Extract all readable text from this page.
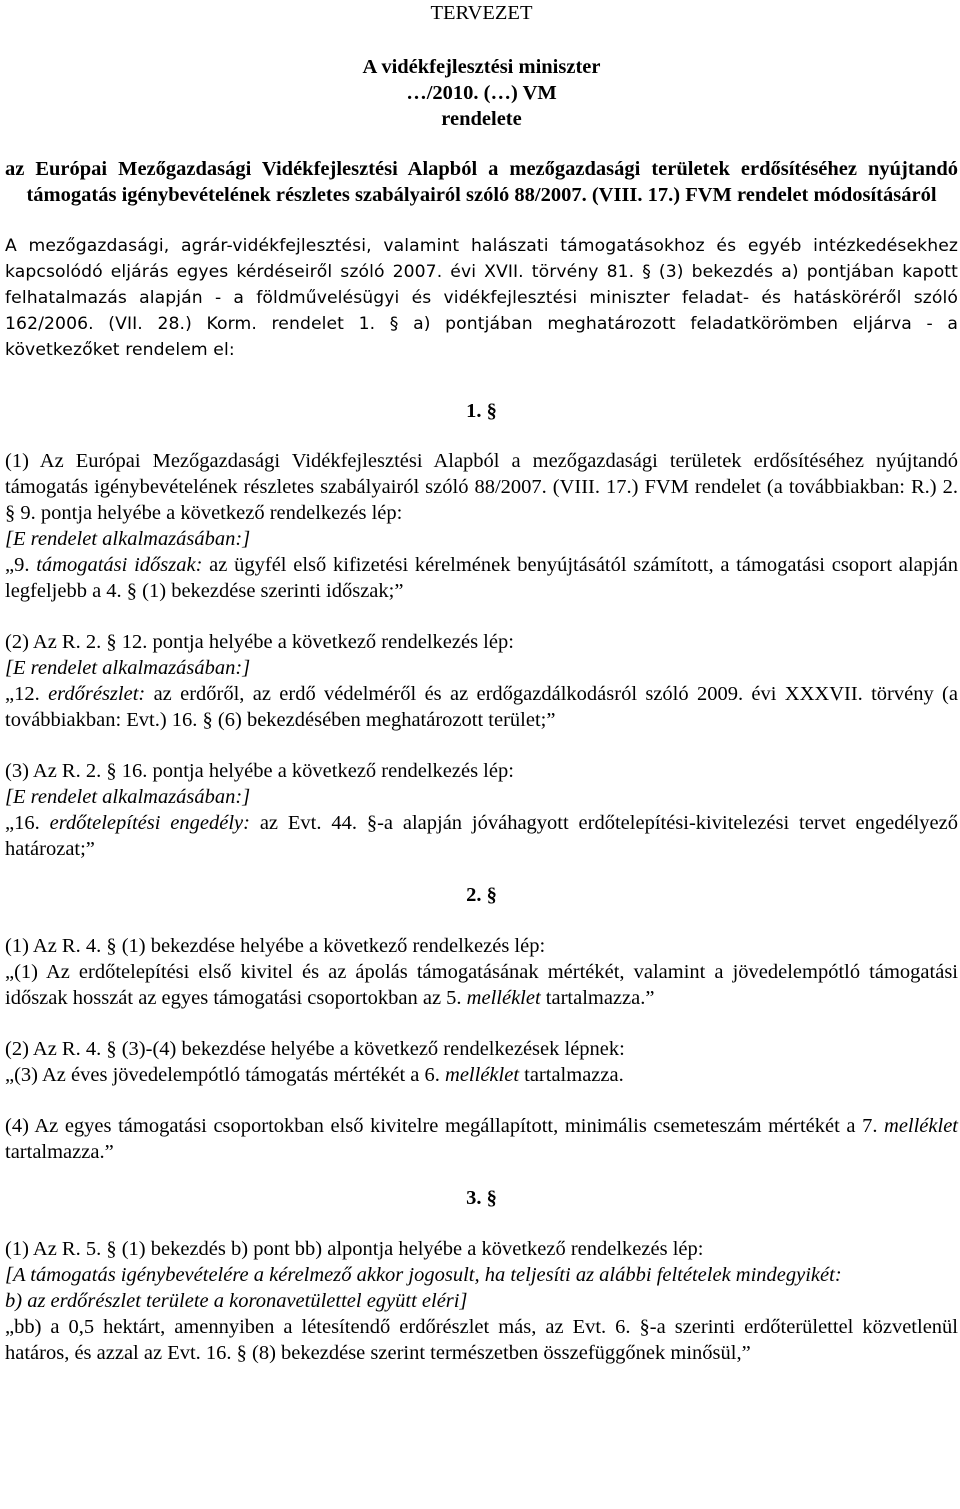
TERVEZET
A vidékfejlesztési miniszter
…/2010. (…) VM
rendelete
az Európai Mezőgazdasági Vidékfejlesztési Alapból a mezőgazdasági területek erdősítéséhez nyújtandó támogatás igénybevételének részletes szabályairól szóló 88/2007. (VIII. 17.) FVM rendelet módosításáról

A mezőgazdasági, agrár-vidékfejlesztési, valamint halászati támogatásokhoz és egyéb intézkedésekhez kapcsolódó eljárás egyes kérdéseiről szóló 2007. évi XVII. törvény 81. § (3) bekezdés a) pontjában kapott felhatalmazás alapján - a földművelésügyi és vidékfejlesztési miniszter feladat- és hatásköréről szóló 162/2006. (VII. 28.) Korm. rendelet 1. § a) pontjában meghatározott feladatkörömben eljárva - a következőket rendelem el:

1. §

(1) Az Európai Mezőgazdasági Vidékfejlesztési Alapból a mezőgazdasági területek erdősítéséhez nyújtandó támogatás igénybevételének részletes szabályairól szóló 88/2007. (VIII. 17.) FVM rendelet (a továbbiakban: R.) 2. § 9. pontja helyébe a következő rendelkezés lép:

[E rendelet alkalmazásában:]

„9. támogatási időszak: az ügyfél első kifizetési kérelmének benyújtásától számított, a támogatási csoport alapján legfeljebb a 4. § (1) bekezdése szerinti időszak;”

(2) Az R. 2. § 12. pontja helyébe a következő rendelkezés lép:

[E rendelet alkalmazásában:]

„12. erdőrészlet: az erdőről, az erdő védelméről és az erdőgazdálkodásról szóló 2009. évi XXXVII. törvény (a továbbiakban: Evt.) 16. § (6) bekezdésében meghatározott terület;”

(3) Az R. 2. § 16. pontja helyébe a következő rendelkezés lép:

[E rendelet alkalmazásában:]

„16. erdőtelepítési engedély: az Evt. 44. §-a alapján jóváhagyott erdőtelepítési-kivitelezési tervet engedélyező határozat;”

2. §

(1) Az R. 4. § (1) bekezdése helyébe a következő rendelkezés lép:

„(1) Az erdőtelepítési első kivitel és az ápolás támogatásának mértékét, valamint a jövedelempótló támogatási időszak hosszát az egyes támogatási csoportokban az 5. melléklet tartalmazza.”

(2) Az R. 4. § (3)-(4) bekezdése helyébe a következő rendelkezések lépnek:

„(3) Az éves jövedelempótló támogatás mértékét a 6. melléklet tartalmazza.

(4) Az egyes támogatási csoportokban első kivitelre megállapított, minimális csemeteszám mértékét a 7. melléklet tartalmazza.”

3. §

(1) Az R. 5. § (1) bekezdés b) pont bb) alpontja helyébe a következő rendelkezés lép:

[A támogatás igénybevételére a kérelmező akkor jogosult, ha teljesíti az alábbi feltételek mindegyikét:

b) az erdőrészlet területe a koronavetülettel együtt eléri]

„bb) a 0,5 hektárt, amennyiben a létesítendő erdőrészlet más, az Evt. 6. §-a szerinti erdőterülettel közvetlenül határos, és azzal az Evt. 16. § (8) bekezdése szerint természetben összefüggőnek minősül,”
